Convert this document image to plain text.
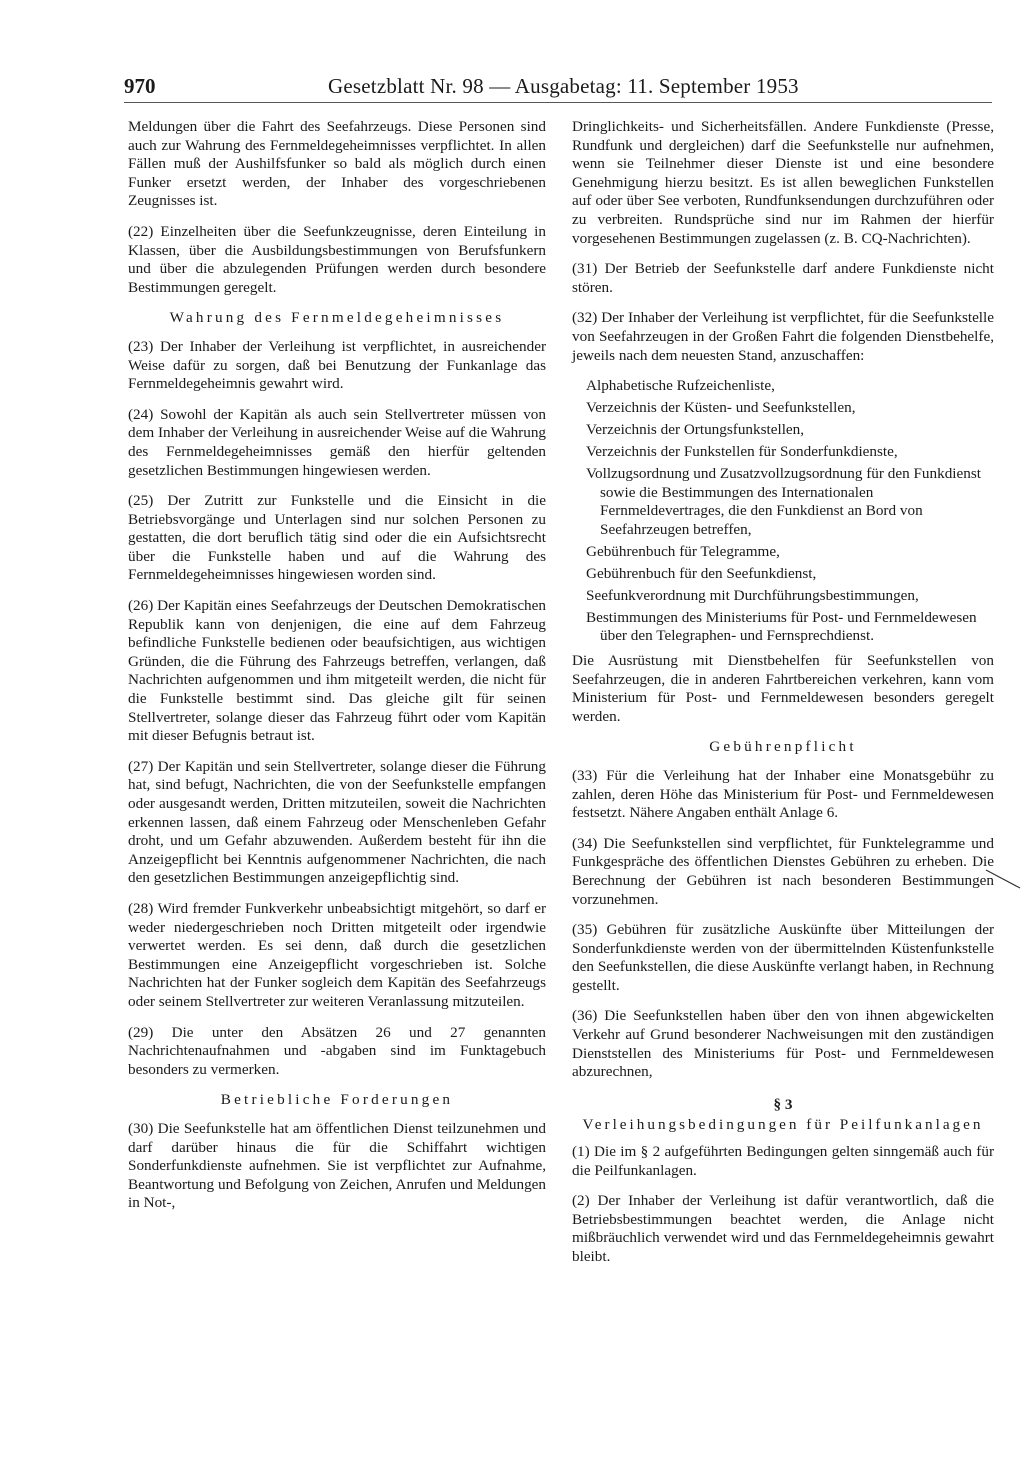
970	Gesetzblatt Nr. 98 — Ausgabetag: 11. September 1953

Meldungen über die Fahrt des Seefahrzeugs. Diese Personen sind auch zur Wahrung des Fernmeldegeheimnisses verpflichtet. In allen Fällen muß der Aushilfsfunker so bald als möglich durch einen Funker ersetzt werden, der Inhaber des vorgeschriebenen Zeugnisses ist.

(22) Einzelheiten über die Seefunkzeugnisse, deren Einteilung in Klassen, über die Ausbildungsbestimmungen von Berufsfunkern und über die abzulegenden Prüfungen werden durch besondere Bestimmungen geregelt.

Wahrung des Fernmeldegeheimnisses

(23) Der Inhaber der Verleihung ist verpflichtet, in ausreichender Weise dafür zu sorgen, daß bei Benutzung der Funkanlage das Fernmeldegeheimnis gewahrt wird.

(24) Sowohl der Kapitän als auch sein Stellvertreter müssen von dem Inhaber der Verleihung in ausreichender Weise auf die Wahrung des Fernmeldegeheimnisses gemäß den hierfür geltenden gesetzlichen Bestimmungen hingewiesen werden.

(25) Der Zutritt zur Funkstelle und die Einsicht in die Betriebsvorgänge und Unterlagen sind nur solchen Personen zu gestatten, die dort beruflich tätig sind oder die ein Aufsichtsrecht über die Funkstelle haben und auf die Wahrung des Fernmeldegeheimnisses hingewiesen worden sind.

(26) Der Kapitän eines Seefahrzeugs der Deutschen Demokratischen Republik kann von denjenigen, die eine auf dem Fahrzeug befindliche Funkstelle bedienen oder beaufsichtigen, aus wichtigen Gründen, die die Führung des Fahrzeugs betreffen, verlangen, daß Nachrichten aufgenommen und ihm mitgeteilt werden, die nicht für die Funkstelle bestimmt sind. Das gleiche gilt für seinen Stellvertreter, solange dieser das Fahrzeug führt oder vom Kapitän mit dieser Befugnis betraut ist.

(27) Der Kapitän und sein Stellvertreter, solange dieser die Führung hat, sind befugt, Nachrichten, die von der Seefunkstelle empfangen oder ausgesandt werden, Dritten mitzuteilen, soweit die Nachrichten erkennen lassen, daß einem Fahrzeug oder Menschenleben Gefahr droht, und um Gefahr abzuwenden. Außerdem besteht für ihn die Anzeigepflicht bei Kenntnis aufgenommener Nachrichten, die nach den gesetzlichen Bestimmungen anzeigepflichtig sind.

(28) Wird fremder Funkverkehr unbeabsichtigt mitgehört, so darf er weder niedergeschrieben noch Dritten mitgeteilt oder irgendwie verwertet werden. Es sei denn, daß durch die gesetzlichen Bestimmungen eine Anzeigepflicht vorgeschrieben ist. Solche Nachrichten hat der Funker sogleich dem Kapitän des Seefahrzeugs oder seinem Stellvertreter zur weiteren Veranlassung mitzuteilen.

(29) Die unter den Absätzen 26 und 27 genannten Nachrichtenaufnahmen und -abgaben sind im Funktagebuch besonders zu vermerken.

Betriebliche Forderungen

(30) Die Seefunkstelle hat am öffentlichen Dienst teilzunehmen und darf darüber hinaus die für die Schiffahrt wichtigen Sonderfunkdienste aufnehmen. Sie ist verpflichtet zur Aufnahme, Beantwortung und Befolgung von Zeichen, Anrufen und Meldungen in Not-,

Dringlichkeits- und Sicherheitsfällen. Andere Funkdienste (Presse, Rundfunk und dergleichen) darf die Seefunkstelle nur aufnehmen, wenn sie Teilnehmer dieser Dienste ist und eine besondere Genehmigung hierzu besitzt. Es ist allen beweglichen Funkstellen auf oder über See verboten, Rundfunksendungen durchzuführen oder zu verbreiten. Rundsprüche sind nur im Rahmen der hierfür vorgesehenen Bestimmungen zugelassen (z. B. CQ-Nachrichten).

(31) Der Betrieb der Seefunkstelle darf andere Funkdienste nicht stören.

(32) Der Inhaber der Verleihung ist verpflichtet, für die Seefunkstelle von Seefahrzeugen in der Großen Fahrt die folgenden Dienstbehelfe, jeweils nach dem neuesten Stand, anzuschaffen:

Alphabetische Rufzeichenliste,
Verzeichnis der Küsten- und Seefunkstellen,
Verzeichnis der Ortungsfunkstellen,
Verzeichnis der Funkstellen für Sonderfunkdienste,
Vollzugsordnung und Zusatzvollzugsordnung für den Funkdienst sowie die Bestimmungen des Internationalen Fernmeldevertrages, die den Funkdienst an Bord von Seefahrzeugen betreffen,
Gebührenbuch für Telegramme,
Gebührenbuch für den Seefunkdienst,
Seefunkverordnung mit Durchführungsbestimmungen,
Bestimmungen des Ministeriums für Post- und Fernmeldewesen über den Telegraphen- und Fernsprechdienst.

Die Ausrüstung mit Dienstbehelfen für Seefunkstellen von Seefahrzeugen, die in anderen Fahrtbereichen verkehren, kann vom Ministerium für Post- und Fernmeldewesen besonders geregelt werden.

Gebührenpflicht

(33) Für die Verleihung hat der Inhaber eine Monatsgebühr zu zahlen, deren Höhe das Ministerium für Post- und Fernmeldewesen festsetzt. Nähere Angaben enthält Anlage 6.

(34) Die Seefunkstellen sind verpflichtet, für Funktelegramme und Funkgespräche des öffentlichen Dienstes Gebühren zu erheben. Die Berechnung der Gebühren ist nach besonderen Bestimmungen vorzunehmen.

(35) Gebühren für zusätzliche Auskünfte über Mitteilungen der Sonderfunkdienste werden von der übermittelnden Küstenfunkstelle den Seefunkstellen, die diese Auskünfte verlangt haben, in Rechnung gestellt.

(36) Die Seefunkstellen haben über den von ihnen abgewickelten Verkehr auf Grund besonderer Nachweisungen mit den zuständigen Dienststellen des Ministeriums für Post- und Fernmeldewesen abzurechnen,

§ 3
Verleihungsbedingungen für Peilfunkanlagen

(1) Die im § 2 aufgeführten Bedingungen gelten sinngemäß auch für die Peilfunkanlagen.

(2) Der Inhaber der Verleihung ist dafür verantwortlich, daß die Betriebsbestimmungen beachtet werden, die Anlage nicht mißbräuchlich verwendet wird und das Fernmeldegeheimnis gewahrt bleibt.
